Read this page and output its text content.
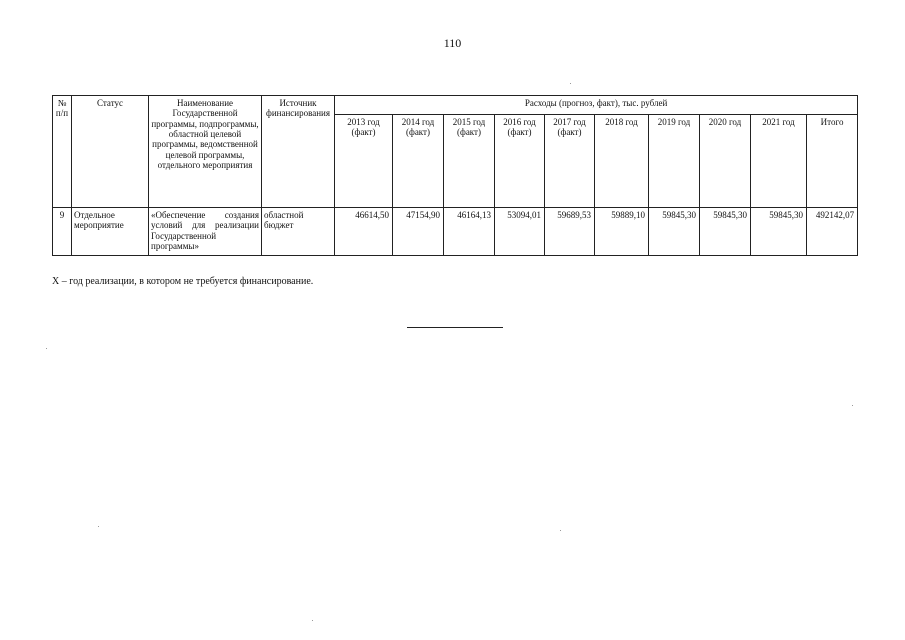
110
№ п/п	Статус	Наименование Государственной программы, подпрограммы, областной целевой программы, ведомственной целевой программы, отдельного мероприятия	Источник финансирования	Расходы (прогноз, факт), тыс. рублей									
				2013 год (факт)	2014 год (факт)	2015 год (факт)	2016 год (факт)	2017 год (факт)	2018 год	2019 год	2020 год	2021 год	Итого
9	Отдельное мероприятие	«Обеспечение создания условий для реализации Государственной программы»	областной бюджет	46614,50	47154,90	46164,13	53094,01	59689,53	59889,10	59845,30	59845,30	59845,30	492142,07
Х – год реализации, в котором не требуется финансирование.
